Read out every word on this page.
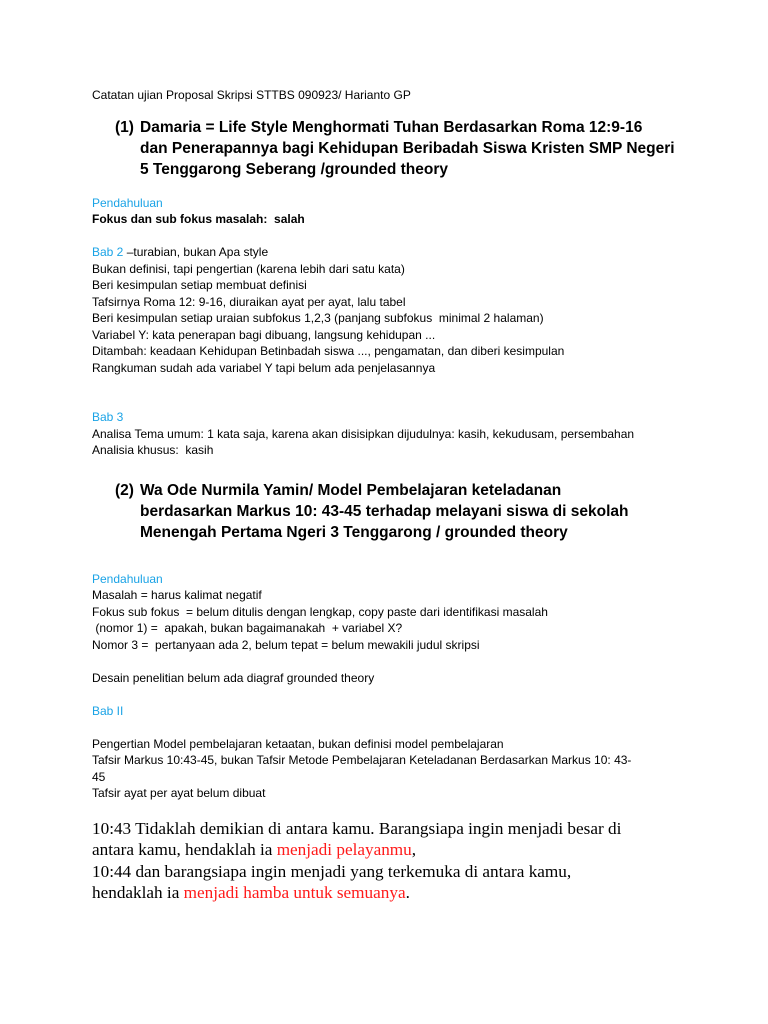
Catatan ujian Proposal Skripsi STTBS 090923/ Harianto GP
(1) Damaria = Life Style Menghormati Tuhan Berdasarkan Roma 12:9-16
dan Penerapannya bagi Kehidupan Beribadah Siswa Kristen SMP Negeri
5 Tenggarong Seberang /grounded theory
Pendahuluan
Fokus dan sub fokus masalah:  salah
Bab 2 –turabian, bukan Apa style
Bukan definisi, tapi pengertian (karena lebih dari satu kata)
Beri kesimpulan setiap membuat definisi
Tafsirnya Roma 12: 9-16, diuraikan ayat per ayat, lalu tabel
Beri kesimpulan setiap uraian subfokus 1,2,3 (panjang subfokus  minimal 2 halaman)
Variabel Y: kata penerapan bagi dibuang, langsung kehidupan ...
Ditambah: keadaan Kehidupan Betinbadah siswa ..., pengamatan, dan diberi kesimpulan
Rangkuman sudah ada variabel Y tapi belum ada penjelasannya
Bab 3
Analisa Tema umum: 1 kata saja, karena akan disisipkan dijudulnya: kasih, kekudusam, persembahan
Analisia khusus:  kasih
(2) Wa Ode Nurmila Yamin/ Model Pembelajaran keteladanan
berdasarkan Markus 10: 43-45 terhadap melayani siswa di sekolah
Menengah Pertama Ngeri 3 Tenggarong / grounded theory
Pendahuluan
Masalah = harus kalimat negatif
Fokus sub fokus  = belum ditulis dengan lengkap, copy paste dari identifikasi masalah
(nomor 1) =  apakah, bukan bagaimanakah  + variabel X?
Nomor 3 =  pertanyaan ada 2, belum tepat = belum mewakili judul skripsi
Desain penelitian belum ada diagraf grounded theory
Bab II
Pengertian Model pembelajaran ketaatan, bukan definisi model pembelajaran
Tafsir Markus 10:43-45, bukan Tafsir Metode Pembelajaran Keteladanan Berdasarkan Markus 10: 43-
45
Tafsir ayat per ayat belum dibuat
10:43 Tidaklah demikian di antara kamu. Barangsiapa ingin menjadi besar di
antara kamu, hendaklah ia menjadi pelayanmu,
10:44 dan barangsiapa ingin menjadi yang terkemuka di antara kamu,
hendaklah ia menjadi hamba untuk semuanya.
